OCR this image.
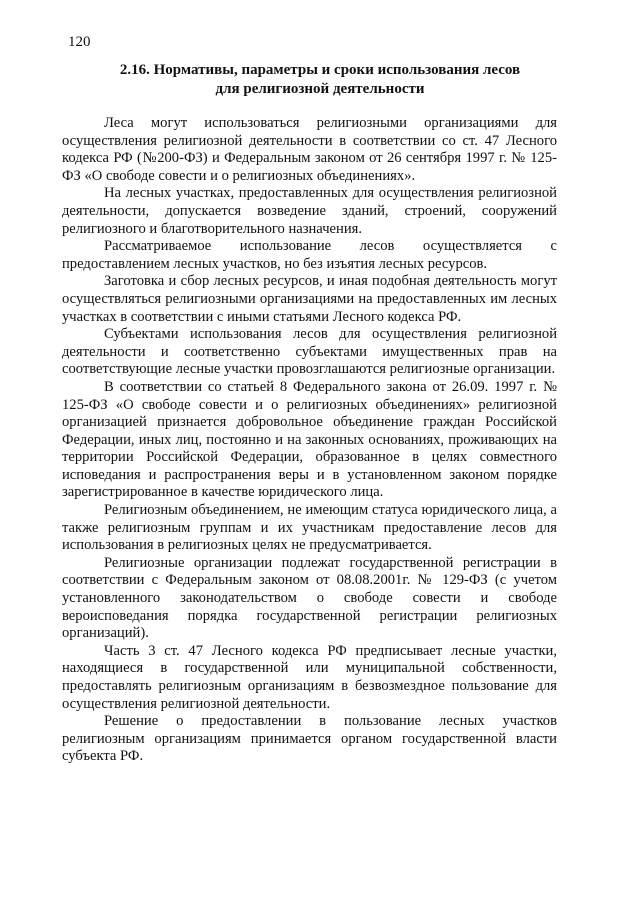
120
2.16. Нормативы, параметры и сроки использования лесов
для религиозной деятельности

Леса могут использоваться религиозными организациями для осуществления религиозной деятельности в соответствии со ст. 47 Лесного кодекса РФ (№200-ФЗ) и Федеральным законом от 26 сентября 1997 г. № 125-ФЗ «О свободе совести и о религиозных объединениях».

На лесных участках, предоставленных для осуществления религиозной деятельности, допускается возведение зданий, строений, сооружений религиозного и благотворительного назначения.

Рассматриваемое использование лесов осуществляется с предоставлением лесных участков, но без изъятия лесных ресурсов.

Заготовка и сбор лесных ресурсов, и иная подобная деятельность могут осуществляться религиозными организациями на предоставленных им лесных участках в соответствии с иными статьями Лесного кодекса РФ.

Субъектами использования лесов для осуществления религиозной деятельности и соответственно субъектами имущественных прав на соответствующие лесные участки провозглашаются религиозные организации.

В соответствии со статьей 8 Федерального закона от 26.09. 1997 г. № 125-ФЗ «О свободе совести и о религиозных объединениях» религиозной организацией признается добровольное объединение граждан Российской Федерации, иных лиц, постоянно и на законных основаниях, проживающих на территории Российской Федерации, образованное в целях совместного исповедания и распространения веры и в установленном законом порядке зарегистрированное в качестве юридического лица.

Религиозным объединением, не имеющим статуса юридического лица, а также религиозным группам и их участникам предоставление лесов для использования в религиозных целях не предусматривается.

Религиозные организации подлежат государственной регистрации в соответствии с Федеральным законом от 08.08.2001г. № 129-ФЗ (с учетом установленного законодательством о свободе совести и свободе вероисповедания порядка государственной регистрации религиозных организаций).

Часть 3 ст. 47 Лесного кодекса РФ предписывает лесные участки, находящиеся в государственной или муниципальной собственности, предоставлять религиозным организациям в безвозмездное пользование для осуществления религиозной деятельности.

Решение о предоставлении в пользование лесных участков религиозным организациям принимается органом государственной власти субъекта РФ.
